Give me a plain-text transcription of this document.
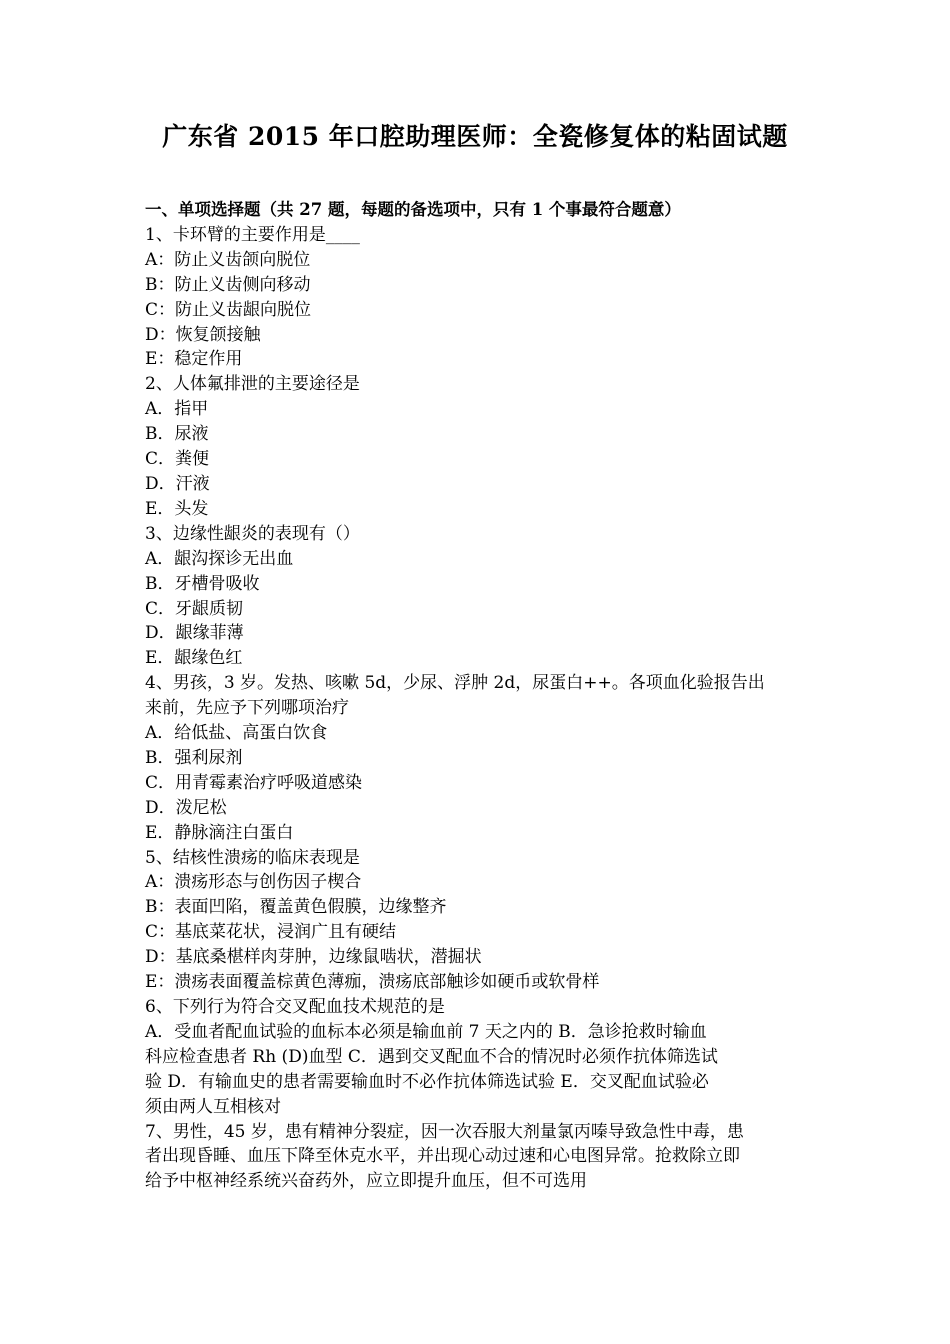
广东省 2015 年口腔助理医师：全瓷修复体的粘固试题

一、单项选择题（共 27 题，每题的备选项中，只有 1 个事最符合题意）

1、卡环臂的主要作用是____

A：防止义齿颌向脱位

B：防止义齿侧向移动

C：防止义齿龈向脱位

D：恢复颌接触

E：稳定作用

2、人体氟排泄的主要途径是

A．指甲

B．尿液

C．粪便

D．汗液

E．头发

3、边缘性龈炎的表现有（）

A．龈沟探诊无出血

B．牙槽骨吸收

C．牙龈质韧

D．龈缘菲薄

E．龈缘色红

4、男孩，3 岁。发热、咳嗽 5d，少尿、浮肿 2d，尿蛋白++。各项血化验报告出

来前，先应予下列哪项治疗

A．给低盐、高蛋白饮食

B．强利尿剂

C．用青霉素治疗呼吸道感染

D．泼尼松

E．静脉滴注白蛋白

5、结核性溃疡的临床表现是

A：溃疡形态与创伤因子楔合

B：表面凹陷，覆盖黄色假膜，边缘整齐

C：基底菜花状，浸润广且有硬结

D：基底桑椹样肉芽肿，边缘鼠啮状，潜掘状

E：溃疡表面覆盖棕黄色薄痂，溃疡底部触诊如硬币或软骨样

6、下列行为符合交叉配血技术规范的是

A．受血者配血试验的血标本必须是输血前 7 天之内的 B．急诊抢救时输血

科应检查患者 Rh (D)血型 C．遇到交叉配血不合的情况时必须作抗体筛选试

验 D．有输血史的患者需要输血时不必作抗体筛选试验 E．交叉配血试验必

须由两人互相核对

7、男性，45 岁，患有精神分裂症，因一次吞服大剂量氯丙嗪导致急性中毒，患

者出现昏睡、血压下降至休克水平，并出现心动过速和心电图异常。抢救除立即

给予中枢神经系统兴奋药外，应立即提升血压，但不可选用
